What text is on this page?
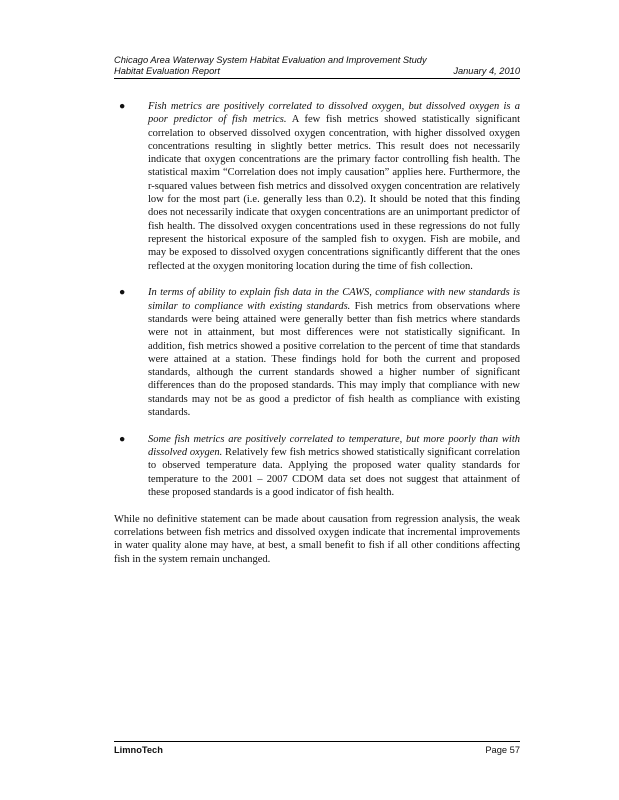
Chicago Area Waterway System Habitat Evaluation and Improvement Study
Habitat Evaluation Report	January 4, 2010
● Fish metrics are positively correlated to dissolved oxygen, but dissolved oxygen is a poor predictor of fish metrics. A few fish metrics showed statistically significant correlation to observed dissolved oxygen concentration, with higher dissolved oxygen concentrations resulting in slightly better metrics. This result does not necessarily indicate that oxygen concentrations are the primary factor controlling fish health. The statistical maxim “Correlation does not imply causation” applies here. Furthermore, the r-squared values between fish metrics and dissolved oxygen concentration are relatively low for the most part (i.e. generally less than 0.2). It should be noted that this finding does not necessarily indicate that oxygen concentrations are an unimportant predictor of fish health. The dissolved oxygen concentrations used in these regressions do not fully represent the historical exposure of the sampled fish to oxygen. Fish are mobile, and may be exposed to dissolved oxygen concentrations significantly different that the ones reflected at the oxygen monitoring location during the time of fish collection.
● In terms of ability to explain fish data in the CAWS, compliance with new standards is similar to compliance with existing standards. Fish metrics from observations where standards were being attained were generally better than fish metrics where standards were not in attainment, but most differences were not statistically significant. In addition, fish metrics showed a positive correlation to the percent of time that standards were attained at a station. These findings hold for both the current and proposed standards, although the current standards showed a higher number of significant differences than do the proposed standards. This may imply that compliance with new standards may not be as good a predictor of fish health as compliance with existing standards.
● Some fish metrics are positively correlated to temperature, but more poorly than with dissolved oxygen. Relatively few fish metrics showed statistically significant correlation to observed temperature data. Applying the proposed water quality standards for temperature to the 2001 – 2007 CDOM data set does not suggest that attainment of these proposed standards is a good indicator of fish health.

While no definitive statement can be made about causation from regression analysis, the weak correlations between fish metrics and dissolved oxygen indicate that incremental improvements in water quality alone may have, at best, a small benefit to fish if all other conditions affecting fish in the system remain unchanged.

LimnoTech	Page 57
